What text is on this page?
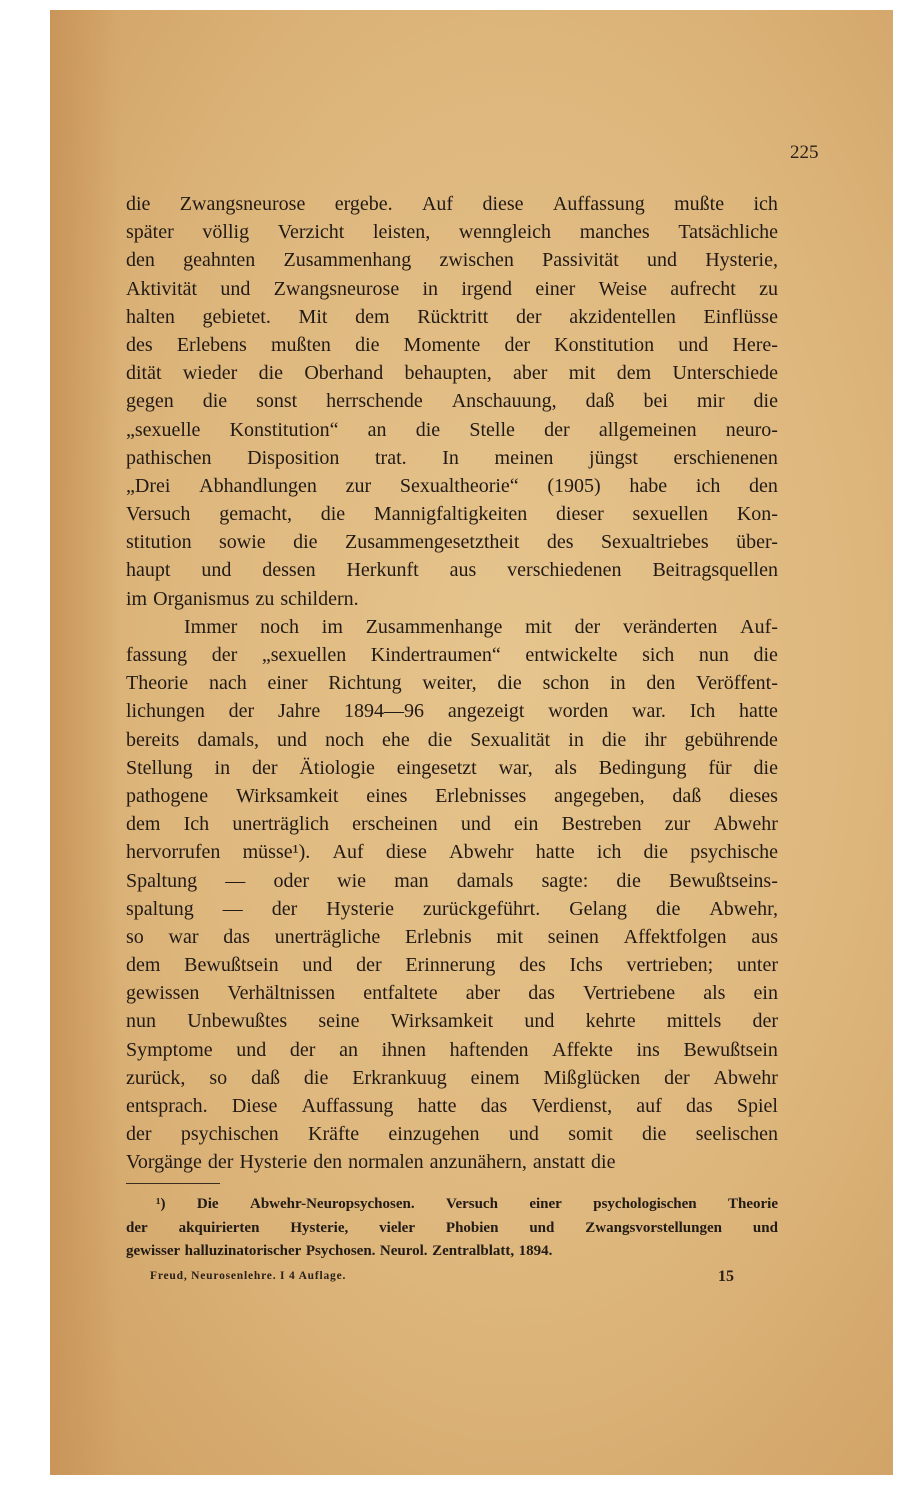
225
die Zwangsneurose ergebe. Auf diese Auffassung mußte ich
später völlig Verzicht leisten, wenngleich manches Tatsächliche
den geahnten Zusammenhang zwischen Passivität und Hysterie,
Aktivität und Zwangsneurose in irgend einer Weise aufrecht zu
halten gebietet. Mit dem Rücktritt der akzidentellen Einflüsse
des Erlebens mußten die Momente der Konstitution und Here-
dität wieder die Oberhand behaupten, aber mit dem Unterschiede
gegen die sonst herrschende Anschauung, daß bei mir die
„sexuelle Konstitution“ an die Stelle der allgemeinen neuro-
pathischen Disposition trat. In meinen jüngst erschienenen
„Drei Abhandlungen zur Sexualtheorie“ (1905) habe ich den
Versuch gemacht, die Mannigfaltigkeiten dieser sexuellen Kon-
stitution sowie die Zusammengesetztheit des Sexualtriebes über-
haupt und dessen Herkunft aus verschiedenen Beitragsquellen
im Organismus zu schildern.
Immer noch im Zusammenhange mit der veränderten Auf-
fassung der „sexuellen Kindertraumen“ entwickelte sich nun die
Theorie nach einer Richtung weiter, die schon in den Veröffent-
lichungen der Jahre 1894—96 angezeigt worden war. Ich hatte
bereits damals, und noch ehe die Sexualität in die ihr gebührende
Stellung in der Ätiologie eingesetzt war, als Bedingung für die
pathogene Wirksamkeit eines Erlebnisses angegeben, daß dieses
dem Ich unerträglich erscheinen und ein Bestreben zur Abwehr
hervorrufen müsse¹). Auf diese Abwehr hatte ich die psychische
Spaltung — oder wie man damals sagte: die Bewußtseins-
spaltung — der Hysterie zurückgeführt. Gelang die Abwehr,
so war das unerträgliche Erlebnis mit seinen Affektfolgen aus
dem Bewußtsein und der Erinnerung des Ichs vertrieben; unter
gewissen Verhältnissen entfaltete aber das Vertriebene als ein
nun Unbewußtes seine Wirksamkeit und kehrte mittels der
Symptome und der an ihnen haftenden Affekte ins Bewußtsein
zurück, so daß die Erkrankuug einem Mißglücken der Abwehr
entsprach. Diese Auffassung hatte das Verdienst, auf das Spiel
der psychischen Kräfte einzugehen und somit die seelischen
Vorgänge der Hysterie den normalen anzunähern, anstatt die
¹) Die Abwehr-Neuropsychosen. Versuch einer psychologischen Theorie
der akquirierten Hysterie, vieler Phobien und Zwangsvorstellungen und
gewisser halluzinatorischer Psychosen. Neurol. Zentralblatt, 1894.
Freud, Neurosenlehre. I 4 Auflage.	15
